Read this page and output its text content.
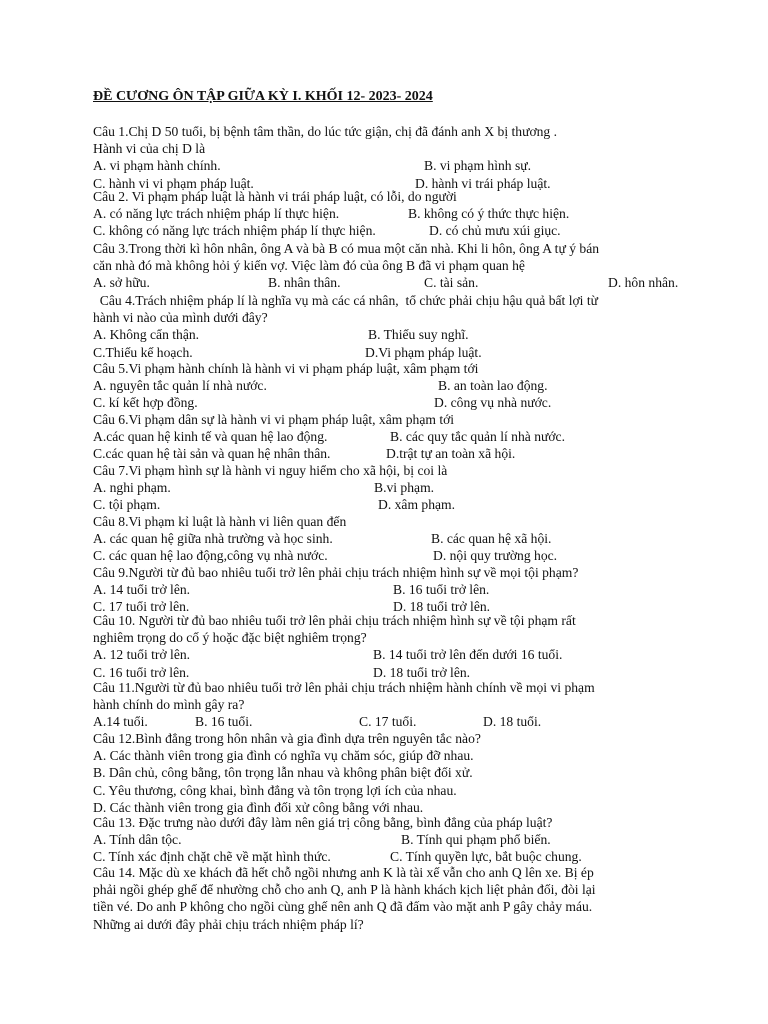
ĐỀ CƯƠNG ÔN TẬP GIỮA KỲ I. KHỐI 12- 2023- 2024
Câu 1.Chị D 50 tuổi, bị bệnh tâm thần, do lúc tức giận, chị đã đánh anh X bị thương .
Hành vi của chị D là
A. vi phạm hành chính.	B. vi phạm hình sự.
C. hành vi vi phạm pháp luật.	D. hành vi trái pháp luật.
Câu 2. Vi phạm pháp luật là hành vi trái pháp luật, có lỗi, do người
A. có năng lực trách nhiệm pháp lí thực hiện.	B. không có ý thức thực hiện.
C. không có năng lực trách nhiệm pháp lí thực hiện.	D. có chủ mưu xúi giục.
Câu 3.Trong thời kì hôn nhân, ông A và bà B có mua một căn nhà. Khi li hôn, ông A tự ý bán
căn nhà đó mà không hỏi ý kiến vợ. Việc làm đó của ông B đã vi phạm quan hệ
A. sở hữu.	B. nhân thân.	C. tài sản.	D. hôn nhân.
Câu 4.Trách nhiệm pháp lí là nghĩa vụ mà các cá nhân,  tổ chức phải chịu hậu quả bất lợi từ
hành vi nào của mình dưới đây?
A. Không cẩn thận.	B. Thiếu suy nghĩ.
C.Thiếu kế hoạch.	D.Vi phạm pháp luật.
Câu 5.Vi phạm hành chính là hành vi vi phạm pháp luật, xâm phạm tới
A. nguyên tắc quản lí nhà nước.	B. an toàn lao động.
C. kí kết hợp đồng.	D. công vụ nhà nước.
Câu 6.Vi phạm dân sự là hành vi vi phạm pháp luật, xâm phạm tới
A.các quan hệ kinh tế và quan hệ lao động.	B. các quy tắc quản lí nhà nước.
C.các quan hệ tài sản và quan hệ nhân thân.	D.trật tự an toàn xã hội.
Câu 7.Vi phạm hình sự là hành vi nguy hiểm cho xã hội, bị coi là
A. nghi phạm.	B.vi phạm.
C. tội phạm.	D. xâm phạm.
Câu 8.Vi phạm kỉ luật là hành vi liên quan đến
A. các quan hệ giữa nhà trường và học sinh.	B. các quan hệ xã hội.
C. các quan hệ lao động,công vụ nhà nước.	D. nội quy trường học.
Câu 9.Người từ đủ bao nhiêu tuổi trở lên phải chịu trách nhiệm hình sự về mọi tội phạm?
A. 14 tuổi trở lên.	B. 16 tuổi trở lên.
C. 17 tuổi trở lên.	D. 18 tuổi trở lên.
Câu 10. Người từ đủ bao nhiêu tuổi trở lên phải chịu trách nhiệm hình sự về tội phạm rất
nghiêm trọng do cố ý hoặc đặc biệt nghiêm trọng?
A. 12 tuổi trở lên.	B. 14 tuổi trở lên đến dưới 16 tuổi.
C. 16 tuổi trở lên.	D. 18 tuổi trở lên.
Câu 11.Người từ đủ bao nhiêu tuổi trở lên phải chịu trách nhiệm hành chính về mọi vi phạm
hành chính do mình gây ra?
A.14 tuổi.	B. 16 tuổi.	C. 17 tuổi.	D. 18 tuổi.
Câu 12.Bình đẳng trong hôn nhân và gia đình dựa trên nguyên tắc nào?
A. Các thành viên trong gia đình có nghĩa vụ chăm sóc, giúp đỡ nhau.
B. Dân chủ, công bằng, tôn trọng lẫn nhau và không phân biệt đối xử.
C. Yêu thương, công khai, bình đẳng và tôn trọng lợi ích của nhau.
D. Các thành viên trong gia đình đối xử công bằng với nhau.
Câu 13. Đặc trưng nào dưới đây làm nên giá trị công bằng, bình đẳng của pháp luật?
A. Tính dân tộc.	B. Tính qui phạm phổ biến.
C. Tính xác định chặt chẽ về mặt hình thức.	C. Tính quyền lực, bắt buộc chung.
Câu 14. Mặc dù xe khách đã hết chỗ ngồi nhưng anh K là tài xế vẫn cho anh Q lên xe. Bị ép
phải ngồi ghép ghế để nhường chỗ cho anh Q, anh P là hành khách kịch liệt phản đối, đòi lại
tiền vé. Do anh P không cho ngồi cùng ghế nên anh Q đã đấm vào mặt anh P gây chảy máu.
Những ai dưới đây phải chịu trách nhiệm pháp lí?
